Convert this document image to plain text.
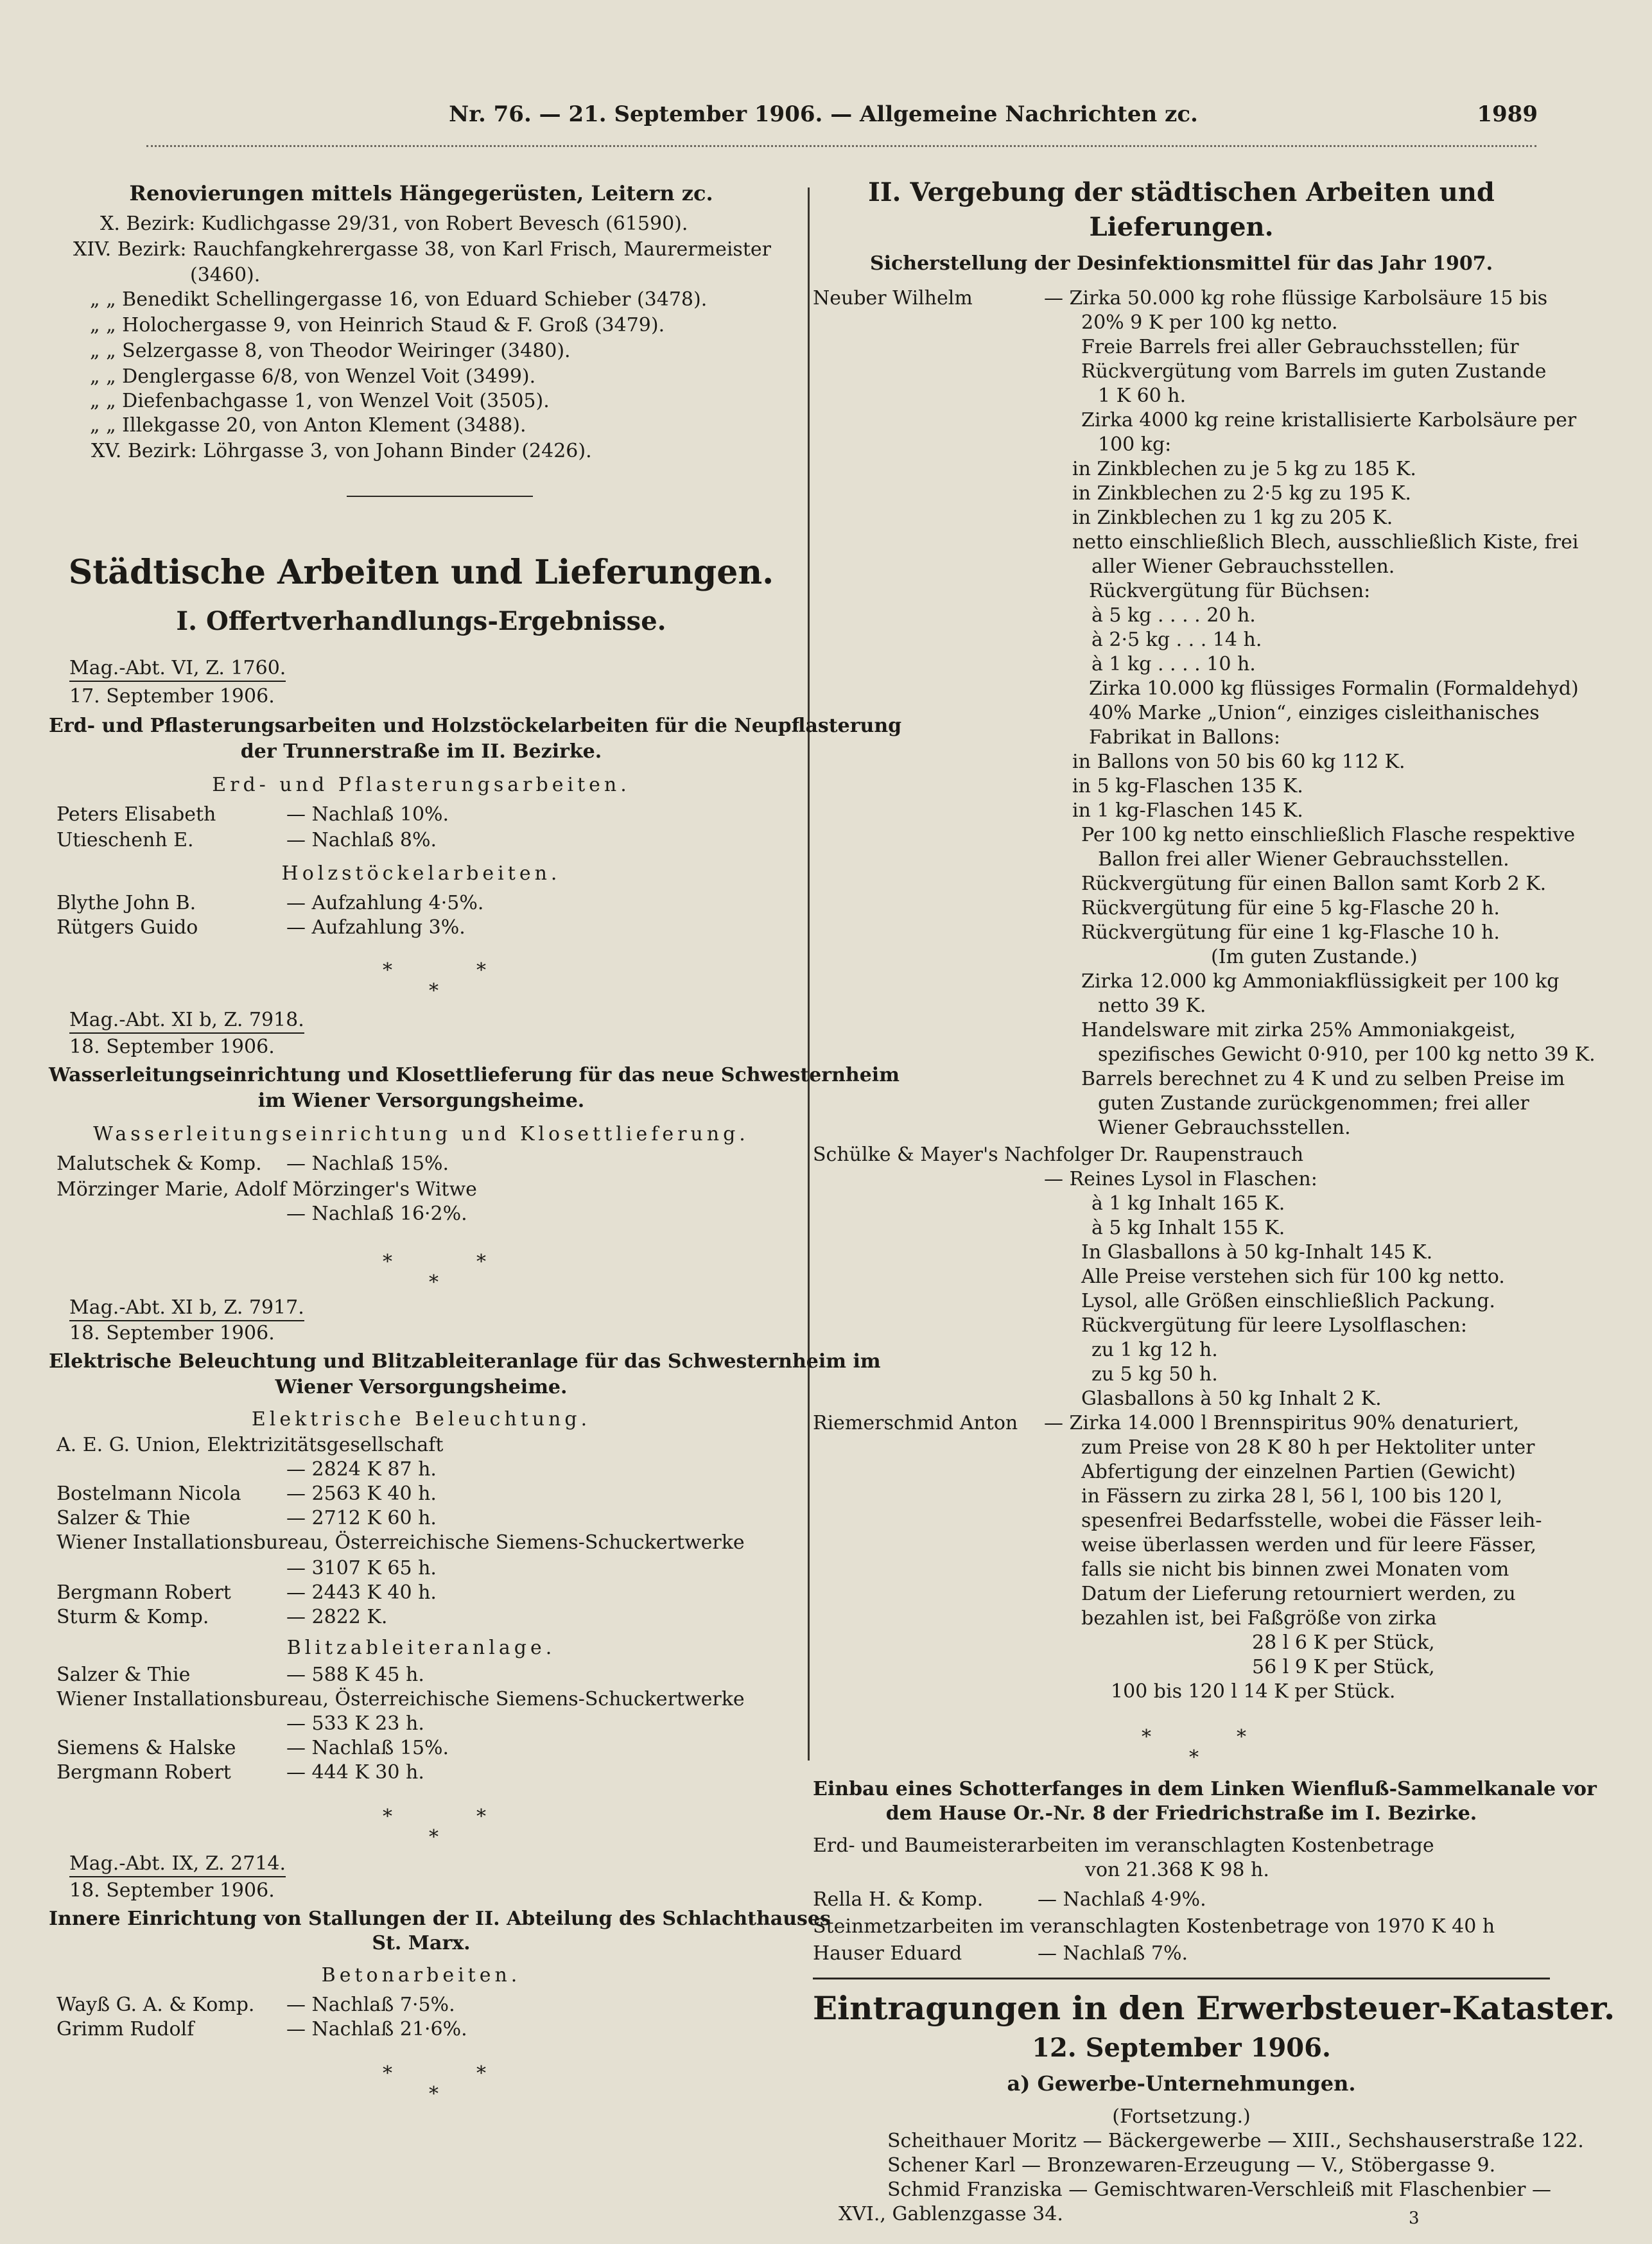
Nr. 76. — 21. September 1906. — Allgemeine Nachrichten zc.	1989
Renovierungen mittels Hängegerüsten, Leitern zc.
X. Bezirk: Kudlichgasse 29/31, von Robert Bevesch (61590).
XIV. Bezirk: Rauchfangkehrergasse 38, von Karl Frisch, Maurermeister
(3460).
„ „ Benedikt Schellingergasse 16, von Eduard Schieber (3478).
„ „ Holochergasse 9, von Heinrich Staud & F. Groß (3479).
„ „ Selzergasse 8, von Theodor Weiringer (3480).
„ „ Denglergasse 6/8, von Wenzel Voit (3499).
„ „ Diefenbachgasse 1, von Wenzel Voit (3505).
„ „ Illekgasse 20, von Anton Klement (3488).
XV. Bezirk: Löhrgasse 3, von Johann Binder (2426).
Städtische Arbeiten und Lieferungen.
I. Offertverhandlungs-Ergebnisse.
Mag.-Abt. VI, Z. 1760.
17. September 1906.
Erd- und Pflasterungsarbeiten und Holzstöckelarbeiten für die Neupflasterung
der Trunnerstraße im II. Bezirke.
Erd- und Pflasterungsarbeiten.
Peters Elisabeth	— Nachlaß 10%.
Utieschenh E.	— Nachlaß 8%.
Holzstöckelarbeiten.
Blythe John B.	— Aufzahlung 4·5%.
Rütgers Guido	— Aufzahlung 3%.
*	*
*
Mag.-Abt. XI b, Z. 7918.
18. September 1906.
Wasserleitungseinrichtung und Klosettlieferung für das neue Schwesternheim
im Wiener Versorgungsheime.
Wasserleitungseinrichtung und Klosettlieferung.
Malutschek & Komp. — Nachlaß 15%.
Mörzinger Marie, Adolf Mörzinger's Witwe
— Nachlaß 16·2%.
*	*
*
Mag.-Abt. XI b, Z. 7917.
18. September 1906.
Elektrische Beleuchtung und Blitzableiteranlage für das Schwesternheim im
Wiener Versorgungsheime.
Elektrische Beleuchtung.
A. E. G. Union, Elektrizitätsgesellschaft
— 2824 K 87 h.
Bostelmann Nicola — 2563 K 40 h.
Salzer & Thie	— 2712 K 60 h.
Wiener Installationsbureau, Österreichische Siemens-Schuckertwerke
— 3107 K 65 h.
Bergmann Robert	— 2443 K 40 h.
Sturm & Komp.	— 2822 K.
Blitzableiteranlage.
Salzer & Thie	— 588 K 45 h.
Wiener Installationsbureau, Österreichische Siemens-Schuckertwerke
— 533 K 23 h.
Siemens & Halske	— Nachlaß 15%.
Bergmann Robert	— 444 K 30 h.
*	*
*
Mag.-Abt. IX, Z. 2714.
18. September 1906.
Innere Einrichtung von Stallungen der II. Abteilung des Schlachthauses
St. Marx.
Betonarbeiten.
Wayß G. A. & Komp. — Nachlaß 7·5%.
Grimm Rudolf	— Nachlaß 21·6%.
*	*
*
II. Vergebung der städtischen Arbeiten und
Lieferungen.
Sicherstellung der Desinfektionsmittel für das Jahr 1907.
Neuber Wilhelm	— Zirka 50.000 kg rohe flüssige Karbolsäure 15 bis
20% 9 K per 100 kg netto.
Freie Barrels frei aller Gebrauchsstellen; für
Rückvergütung vom Barrels im guten Zustande
1 K 60 h.
Zirka 4000 kg reine kristallisierte Karbolsäure per
100 kg:
in Zinkblechen zu je 5 kg zu 185 K.
in Zinkblechen zu 2·5 kg zu 195 K.
in Zinkblechen zu 1 kg zu 205 K.
netto einschließlich Blech, ausschließlich Kiste, frei
aller Wiener Gebrauchsstellen.
Rückvergütung für Büchsen:
à 5 kg . . . . 20 h.
à 2·5 kg . . . 14 h.
à 1 kg . . . . 10 h.
Zirka 10.000 kg flüssiges Formalin (Formaldehyd)
40% Marke „Union“, einziges cisleithanisches
Fabrikat in Ballons:
in Ballons von 50 bis 60 kg 112 K.
in 5 kg-Flaschen 135 K.
in 1 kg-Flaschen 145 K.
Per 100 kg netto einschließlich Flasche respektive
Ballon frei aller Wiener Gebrauchsstellen.
Rückvergütung für einen Ballon samt Korb 2 K.
Rückvergütung für eine 5 kg-Flasche 20 h.
Rückvergütung für eine 1 kg-Flasche 10 h.
(Im guten Zustande.)
Zirka 12.000 kg Ammoniakflüssigkeit per 100 kg
netto 39 K.
Handelsware mit zirka 25% Ammoniakgeist,
spezifisches Gewicht 0·910, per 100 kg netto 39 K.
Barrels berechnet zu 4 K und zu selben Preise im
guten Zustande zurückgenommen; frei aller
Wiener Gebrauchsstellen.
Schülke & Mayer's Nachfolger Dr. Raupenstrauch
— Reines Lysol in Flaschen:
à 1 kg Inhalt 165 K.
à 5 kg Inhalt 155 K.
In Glasballons à 50 kg-Inhalt 145 K.
Alle Preise verstehen sich für 100 kg netto.
Lysol, alle Größen einschließlich Packung.
Rückvergütung für leere Lysolflaschen:
zu 1 kg 12 h.
zu 5 kg 50 h.
Glasballons à 50 kg Inhalt 2 K.
Riemerschmid Anton — Zirka 14.000 l Brennspiritus 90% denaturiert,
zum Preise von 28 K 80 h per Hektoliter unter
Abfertigung der einzelnen Partien (Gewicht)
in Fässern zu zirka 28 l, 56 l, 100 bis 120 l,
spesenfrei Bedarfsstelle, wobei die Fässer leih-
weise überlassen werden und für leere Fässer,
falls sie nicht bis binnen zwei Monaten vom
Datum der Lieferung retourniert werden, zu
bezahlen ist, bei Faßgröße von zirka
28 l 6 K per Stück,
56 l 9 K per Stück,
100 bis 120 l 14 K per Stück.
*	*
*
Einbau eines Schotterfanges in dem Linken Wienfluß-Sammelkanale vor
dem Hause Or.-Nr. 8 der Friedrichstraße im I. Bezirke.
Erd- und Baumeisterarbeiten im veranschlagten Kostenbetrage
von 21.368 K 98 h.
Rella H. & Komp.	— Nachlaß 4·9%.
Steinmetzarbeiten im veranschlagten Kostenbetrage von 1970 K 40 h
Hauser Eduard	— Nachlaß 7%.
Eintragungen in den Erwerbsteuer-Kataster.
12. September 1906.
a) Gewerbe-Unternehmungen.
(Fortsetzung.)
Scheithauer Moritz — Bäckergewerbe — XIII., Sechshauserstraße 122.
Schener Karl — Bronzewaren-Erzeugung — V., Stöbergasse 9.
Schmid Franziska — Gemischtwaren-Verschleiß mit Flaschenbier —
XVI., Gablenzgasse 34.	3
